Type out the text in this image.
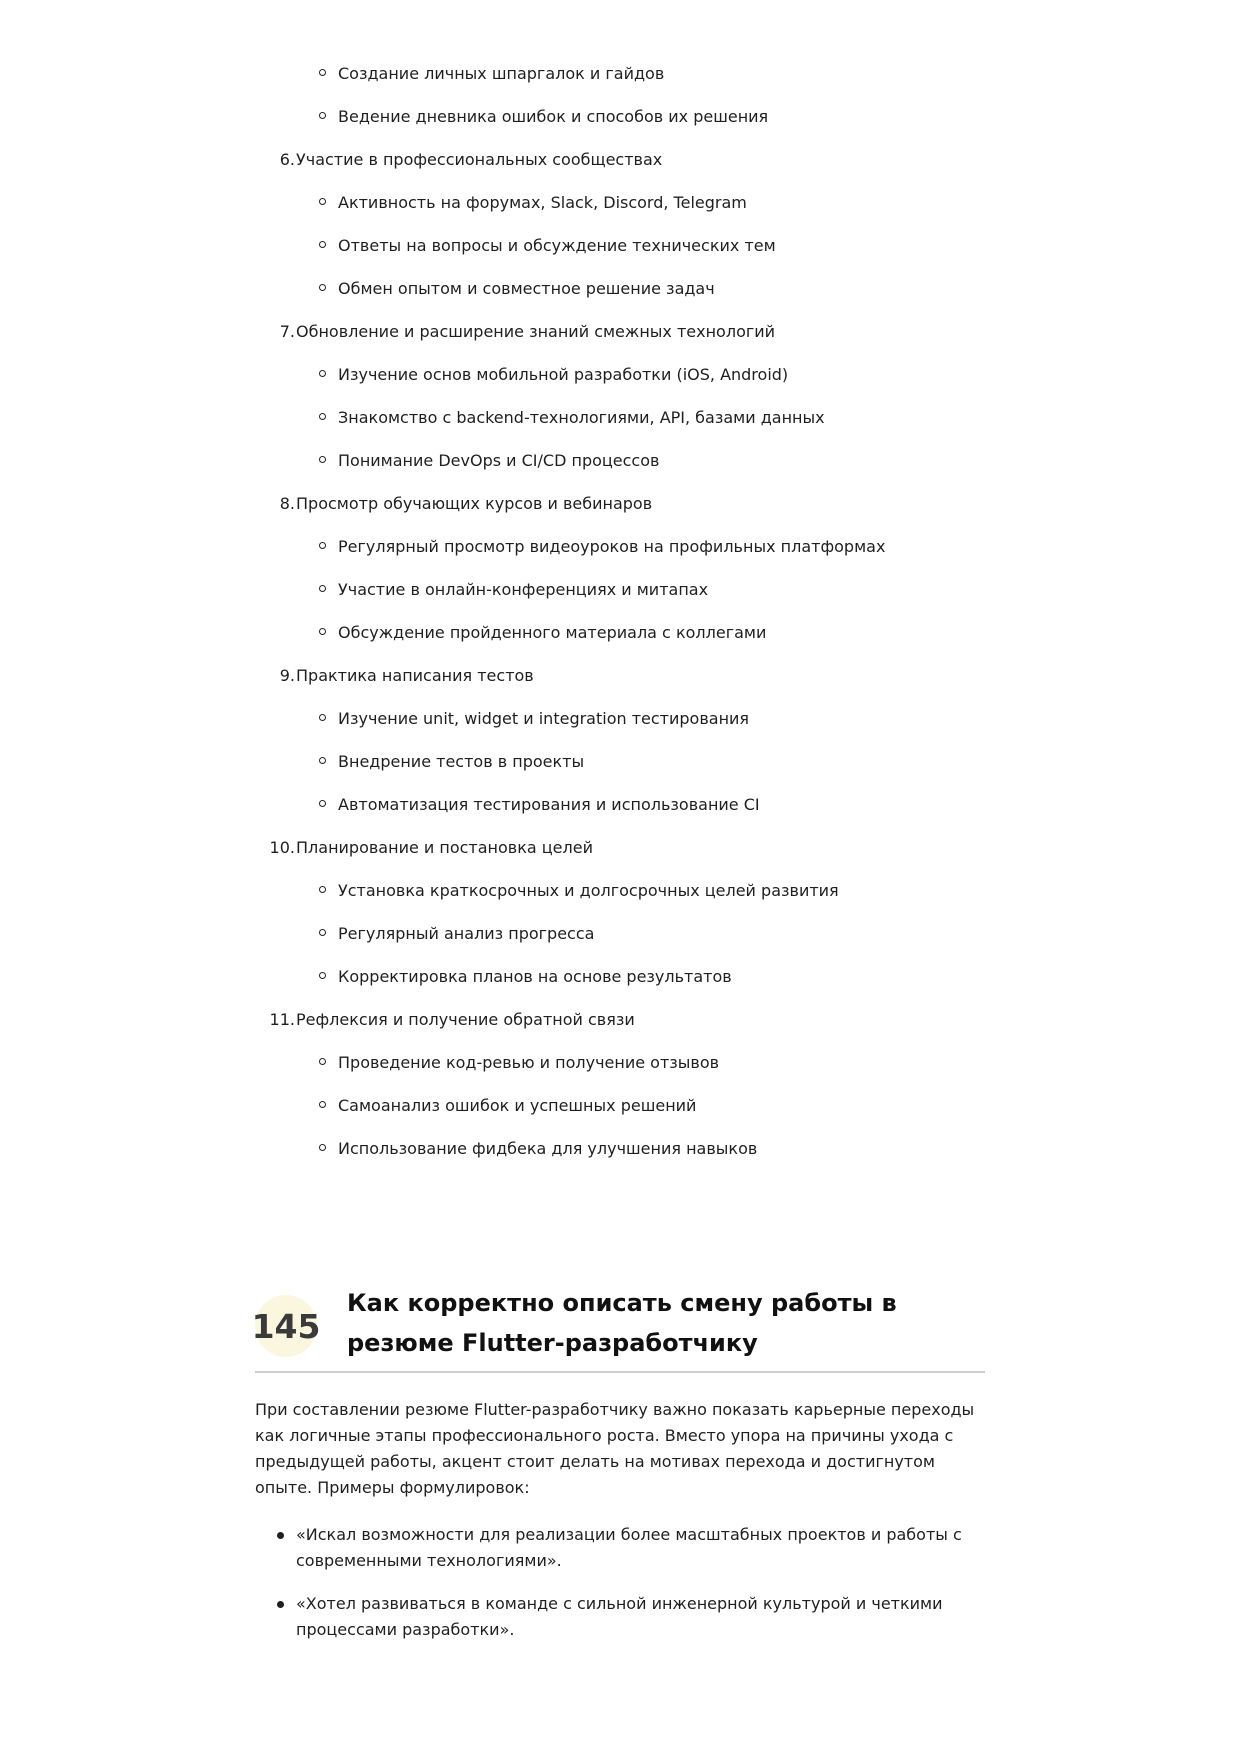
Создание личных шпаргалок и гайдов
Ведение дневника ошибок и способов их решения
6. Участие в профессиональных сообществах
Активность на форумах, Slack, Discord, Telegram
Ответы на вопросы и обсуждение технических тем
Обмен опытом и совместное решение задач
7. Обновление и расширение знаний смежных технологий
Изучение основ мобильной разработки (iOS, Android)
Знакомство с backend-технологиями, API, базами данных
Понимание DevOps и CI/CD процессов
8. Просмотр обучающих курсов и вебинаров
Регулярный просмотр видеоуроков на профильных платформах
Участие в онлайн-конференциях и митапах
Обсуждение пройденного материала с коллегами
9. Практика написания тестов
Изучение unit, widget и integration тестирования
Внедрение тестов в проекты
Автоматизация тестирования и использование CI
10. Планирование и постановка целей
Установка краткосрочных и долгосрочных целей развития
Регулярный анализ прогресса
Корректировка планов на основе результатов
11. Рефлексия и получение обратной связи
Проведение код-ревью и получение отзывов
Самоанализ ошибок и успешных решений
Использование фидбека для улучшения навыков
145
Как корректно описать смену работы в резюме Flutter-разработчику
При составлении резюме Flutter-разработчику важно показать карьерные переходы как логичные этапы профессионального роста. Вместо упора на причины ухода с предыдущей работы, акцент стоит делать на мотивах перехода и достигнутом опыте. Примеры формулировок:
«Искал возможности для реализации более масштабных проектов и работы с современными технологиями».
«Хотел развиваться в команде с сильной инженерной культурой и четкими процессами разработки».
